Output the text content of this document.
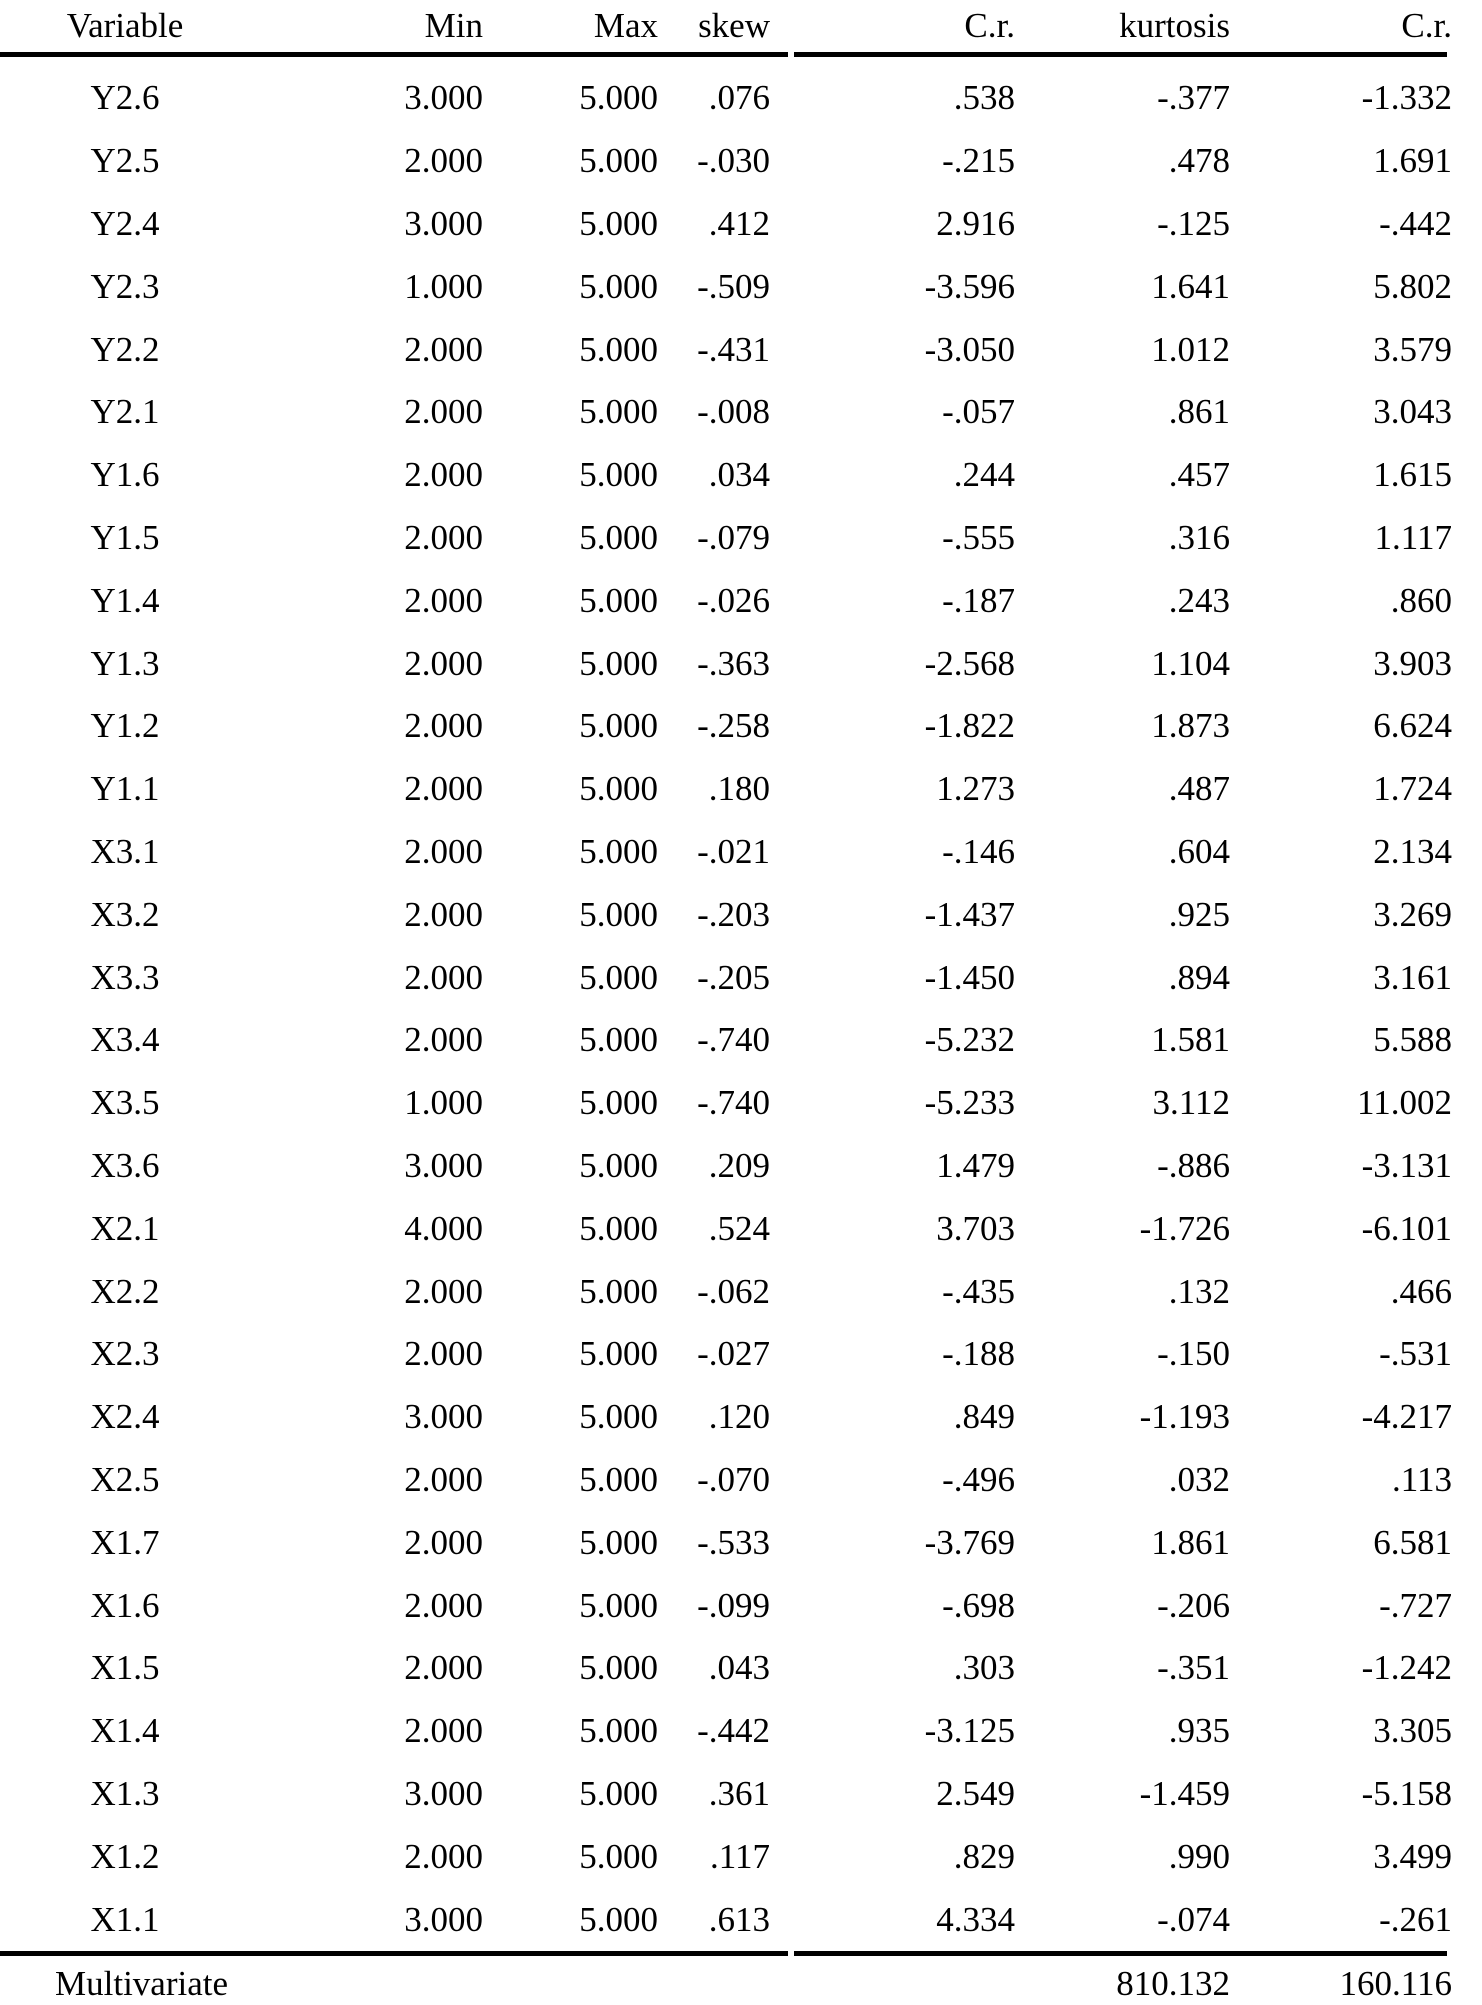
Variable	Min	Max	skew	C.r.	kurtosis	C.r.	

Y2.6	3.000	5.000	.076	.538	-.377	-1.332	
Y2.5	2.000	5.000	-.030	-.215	.478	1.691	
Y2.4	3.000	5.000	.412	2.916	-.125	-.442	
Y2.3	1.000	5.000	-.509	-3.596	1.641	5.802	
Y2.2	2.000	5.000	-.431	-3.050	1.012	3.579	
Y2.1	2.000	5.000	-.008	-.057	.861	3.043	
Y1.6	2.000	5.000	.034	.244	.457	1.615	
Y1.5	2.000	5.000	-.079	-.555	.316	1.117	
Y1.4	2.000	5.000	-.026	-.187	.243	.860	
Y1.3	2.000	5.000	-.363	-2.568	1.104	3.903	
Y1.2	2.000	5.000	-.258	-1.822	1.873	6.624	
Y1.1	2.000	5.000	.180	1.273	.487	1.724	
X3.1	2.000	5.000	-.021	-.146	.604	2.134	
X3.2	2.000	5.000	-.203	-1.437	.925	3.269	
X3.3	2.000	5.000	-.205	-1.450	.894	3.161	
X3.4	2.000	5.000	-.740	-5.232	1.581	5.588	
X3.5	1.000	5.000	-.740	-5.233	3.112	11.002	
X3.6	3.000	5.000	.209	1.479	-.886	-3.131	
X2.1	4.000	5.000	.524	3.703	-1.726	-6.101	
X2.2	2.000	5.000	-.062	-.435	.132	.466	
X2.3	2.000	5.000	-.027	-.188	-.150	-.531	
X2.4	3.000	5.000	.120	.849	-1.193	-4.217	
X2.5	2.000	5.000	-.070	-.496	.032	.113	
X1.7	2.000	5.000	-.533	-3.769	1.861	6.581	
X1.6	2.000	5.000	-.099	-.698	-.206	-.727	
X1.5	2.000	5.000	.043	.303	-.351	-1.242	
X1.4	2.000	5.000	-.442	-3.125	.935	3.305	
X1.3	3.000	5.000	.361	2.549	-1.459	-5.158	
X1.2	2.000	5.000	.117	.829	.990	3.499	
X1.1	3.000	5.000	.613	4.334	-.074	-.261	

Multivariate					810.132	160.116	
